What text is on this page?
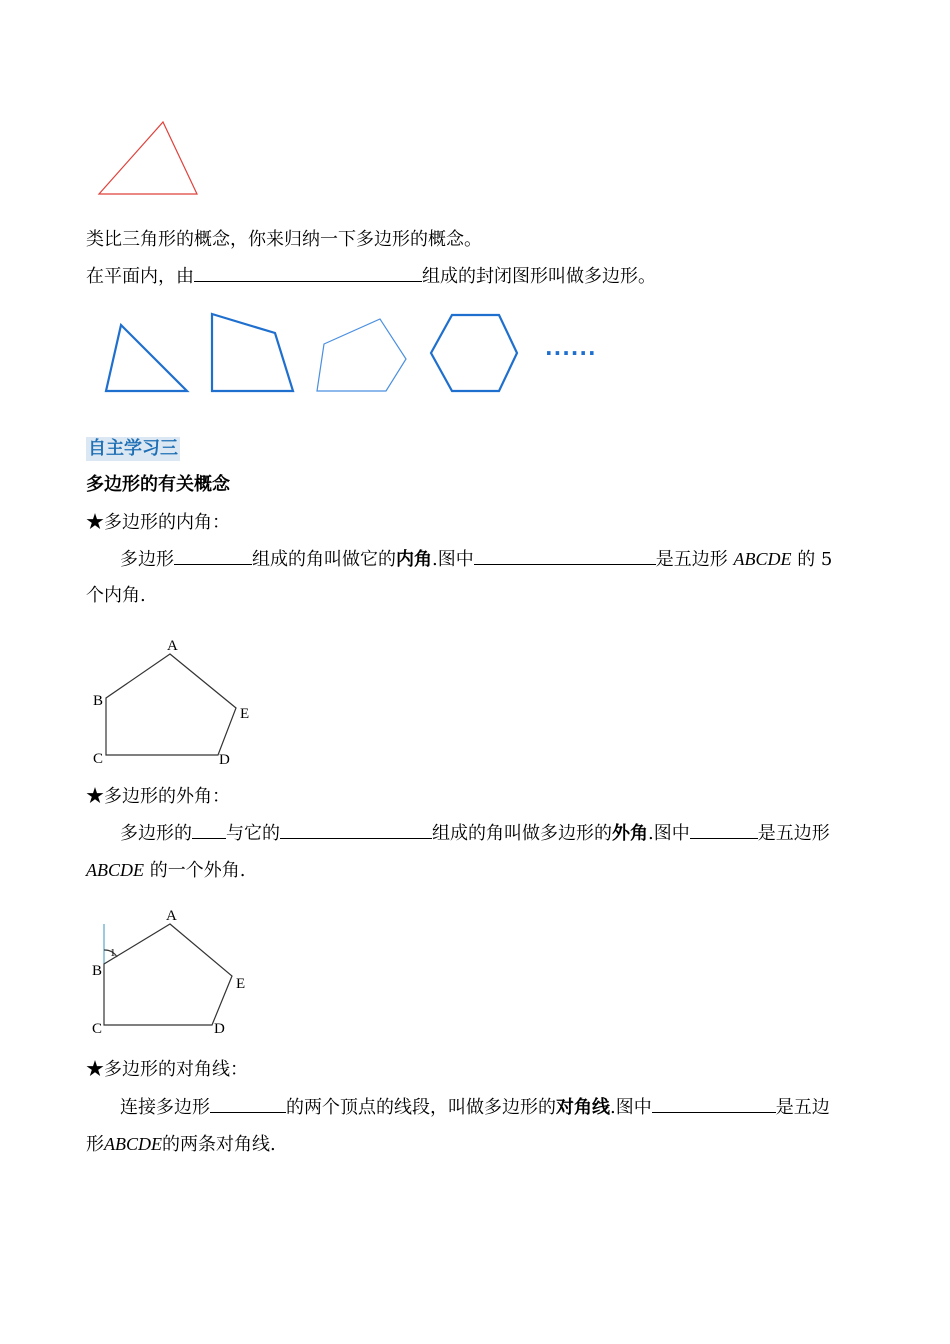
类比三角形的概念，你来归纳一下多边形的概念。
在平面内，由	组成的封闭图形叫做多边形。
......
自主学习三
多边形的有关概念
★多边形的内角：
多边形	组成的角叫做它的内角.图中	是五边形 ABCDE 的 5
个内角.
A
B
C	D
E
★多边形的外角：
多边形的 与它的	组成的角叫做多边形的外角.图中	是五边形
ABCDE 的一个外角.
1
A
B
C	D
E
★多边形的对角线：
连接多边形	的两个顶点的线段，叫做多边形的对角线.图中	是五边
形ABCDE的两条对角线.
